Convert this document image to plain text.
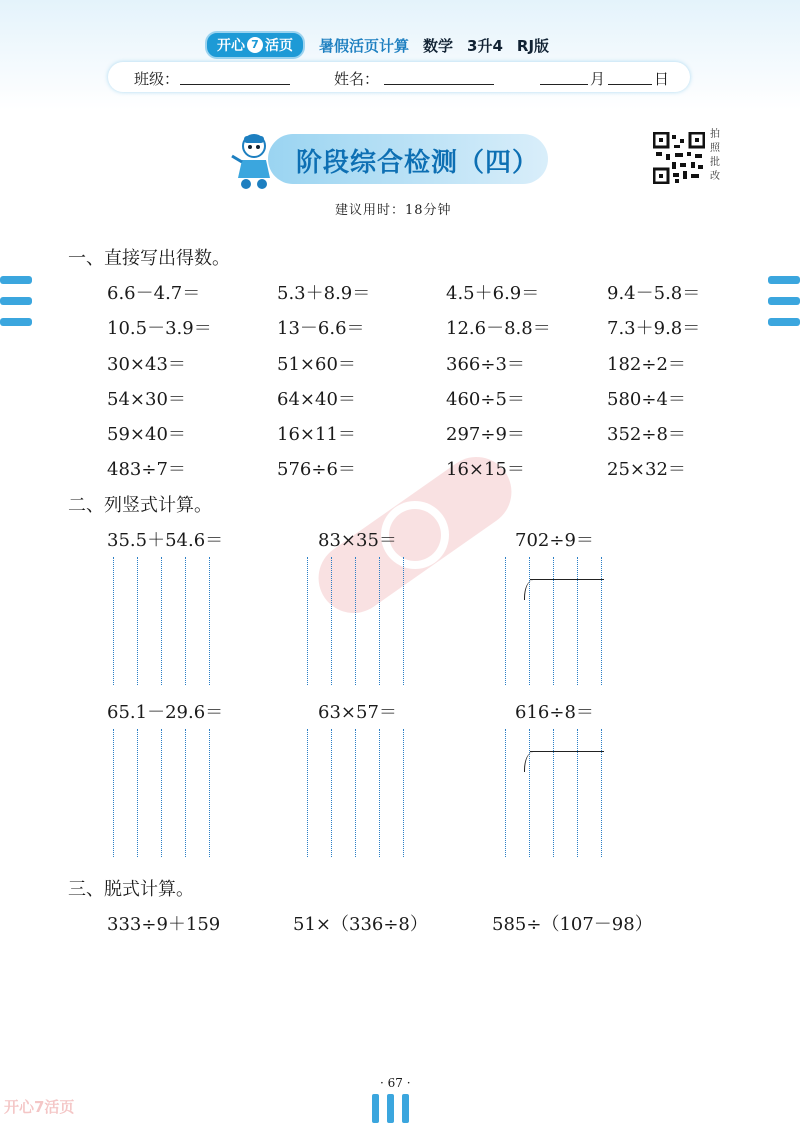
开心 7 活页 暑假活页计算 数学 3升4 RJ版
班级：	姓名：	月	日
阶段综合检测（四）
建议用时：18分钟
拍
照
批
改
一、直接写出得数。
6.6－4.7＝	5.3＋8.9＝	4.5＋6.9＝	9.4－5.8＝
10.5－3.9＝	13－6.6＝	12.6－8.8＝	7.3＋9.8＝
30×43＝	51×60＝	366÷3＝	182÷2＝
54×30＝	64×40＝	460÷5＝	580÷4＝
59×40＝	16×11＝	297÷9＝	352÷8＝
483÷7＝	576÷6＝	16×15＝	25×32＝
二、列竖式计算。
35.5＋54.6＝	83×35＝	702÷9＝
65.1－29.6＝	63×57＝	616÷8＝
三、脱式计算。
333÷9＋159	51×（336÷8）	585÷（107－98）
· 67 ·
开心7活页
